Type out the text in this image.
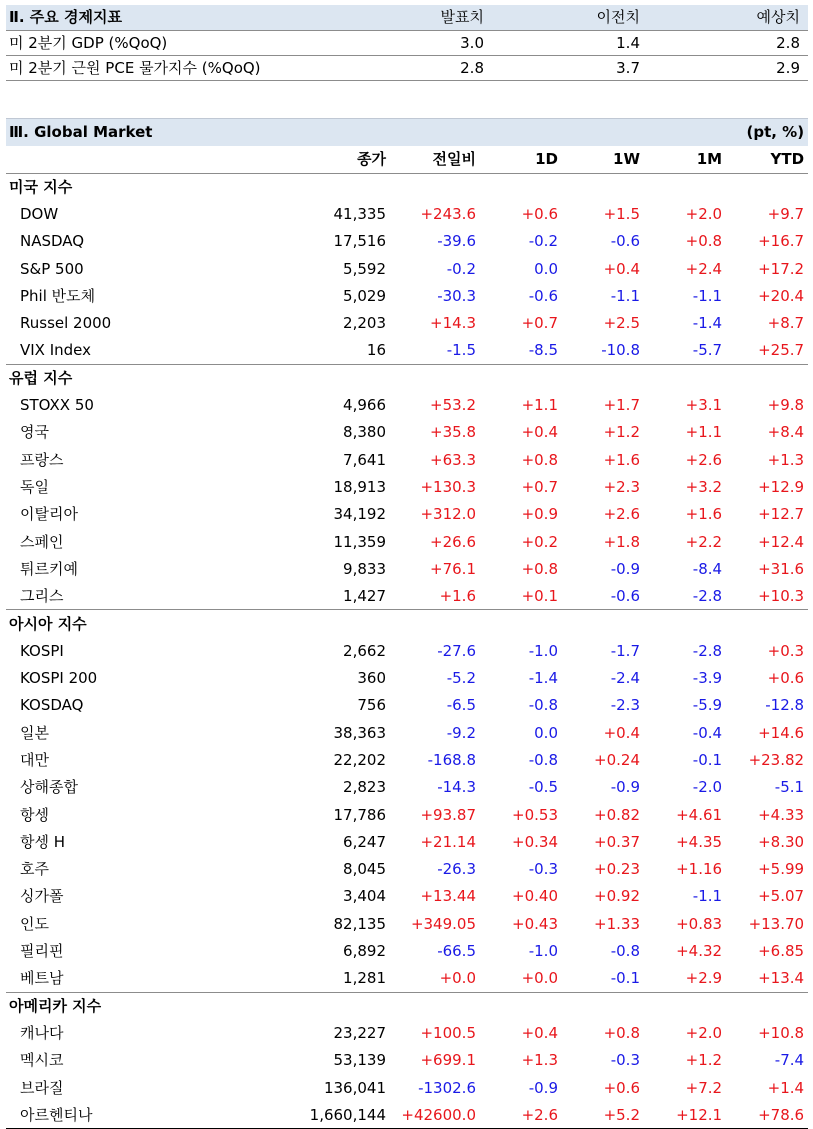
Ⅱ. 주요 경제지표	발표치	이전치	예상치
미 2분기 GDP (%QoQ)	3.0	1.4	2.8
미 2분기 근원 PCE 물가지수 (%QoQ)	2.8	3.7	2.9
Ⅲ. Global Market						(pt, %)
	종가	전일비	1D	1W	1M	YTD
미국 지수						
DOW	41,335	+243.6	+0.6	+1.5	+2.0	+9.7
NASDAQ	17,516	-39.6	-0.2	-0.6	+0.8	+16.7
S&P 500	5,592	-0.2	0.0	+0.4	+2.4	+17.2
Phil 반도체	5,029	-30.3	-0.6	-1.1	-1.1	+20.4
Russel 2000	2,203	+14.3	+0.7	+2.5	-1.4	+8.7
VIX Index	16	-1.5	-8.5	-10.8	-5.7	+25.7
유럽 지수						
STOXX 50	4,966	+53.2	+1.1	+1.7	+3.1	+9.8
영국	8,380	+35.8	+0.4	+1.2	+1.1	+8.4
프랑스	7,641	+63.3	+0.8	+1.6	+2.6	+1.3
독일	18,913	+130.3	+0.7	+2.3	+3.2	+12.9
이탈리아	34,192	+312.0	+0.9	+2.6	+1.6	+12.7
스페인	11,359	+26.6	+0.2	+1.8	+2.2	+12.4
튀르키예	9,833	+76.1	+0.8	-0.9	-8.4	+31.6
그리스	1,427	+1.6	+0.1	-0.6	-2.8	+10.3
아시아 지수						
KOSPI	2,662	-27.6	-1.0	-1.7	-2.8	+0.3
KOSPI 200	360	-5.2	-1.4	-2.4	-3.9	+0.6
KOSDAQ	756	-6.5	-0.8	-2.3	-5.9	-12.8
일본	38,363	-9.2	0.0	+0.4	-0.4	+14.6
대만	22,202	-168.8	-0.8	+0.24	-0.1	+23.82
상해종합	2,823	-14.3	-0.5	-0.9	-2.0	-5.1
항셍	17,786	+93.87	+0.53	+0.82	+4.61	+4.33
항셍 H	6,247	+21.14	+0.34	+0.37	+4.35	+8.30
호주	8,045	-26.3	-0.3	+0.23	+1.16	+5.99
싱가폴	3,404	+13.44	+0.40	+0.92	-1.1	+5.07
인도	82,135	+349.05	+0.43	+1.33	+0.83	+13.70
필리핀	6,892	-66.5	-1.0	-0.8	+4.32	+6.85
베트남	1,281	+0.0	+0.0	-0.1	+2.9	+13.4
아메리카 지수						
캐나다	23,227	+100.5	+0.4	+0.8	+2.0	+10.8
멕시코	53,139	+699.1	+1.3	-0.3	+1.2	-7.4
브라질	136,041	-1302.6	-0.9	+0.6	+7.2	+1.4
아르헨티나	1,660,144	+42600.0	+2.6	+5.2	+12.1	+78.6
